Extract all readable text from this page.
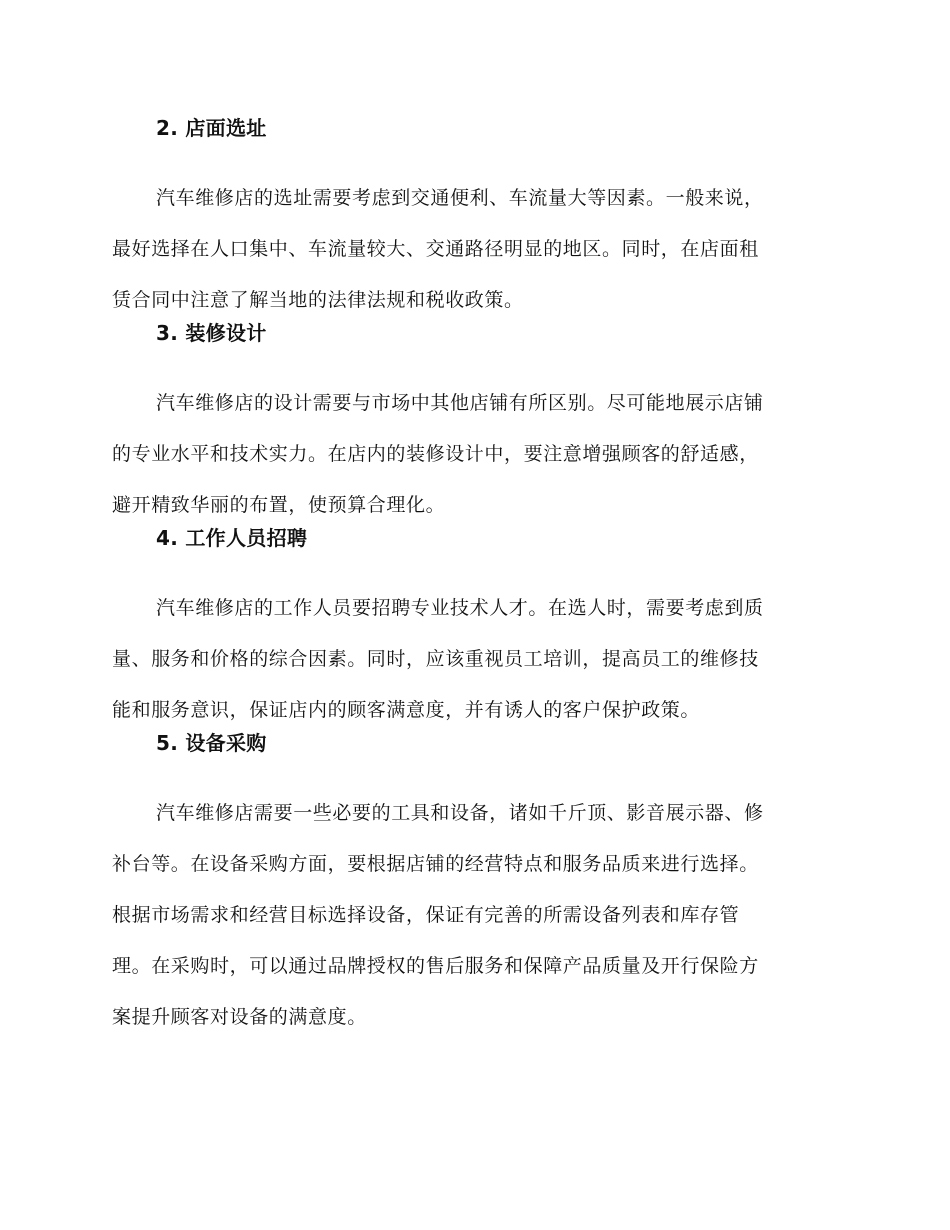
2. 店面选址

汽车维修店的选址需要考虑到交通便利、车流量大等因素。一般来说，
最好选择在人口集中、车流量较大、交通路径明显的地区。同时，在店面租
赁合同中注意了解当地的法律法规和税收政策。

3. 装修设计

汽车维修店的设计需要与市场中其他店铺有所区别。尽可能地展示店铺
的专业水平和技术实力。在店内的装修设计中，要注意增强顾客的舒适感，
避开精致华丽的布置，使预算合理化。

4. 工作人员招聘

汽车维修店的工作人员要招聘专业技术人才。在选人时，需要考虑到质
量、服务和价格的综合因素。同时，应该重视员工培训，提高员工的维修技
能和服务意识，保证店内的顾客满意度，并有诱人的客户保护政策。

5. 设备采购

汽车维修店需要一些必要的工具和设备，诸如千斤顶、影音展示器、修
补台等。在设备采购方面，要根据店铺的经营特点和服务品质来进行选择。
根据市场需求和经营目标选择设备，保证有完善的所需设备列表和库存管
理。在采购时，可以通过品牌授权的售后服务和保障产品质量及开行保险方
案提升顾客对设备的满意度。
